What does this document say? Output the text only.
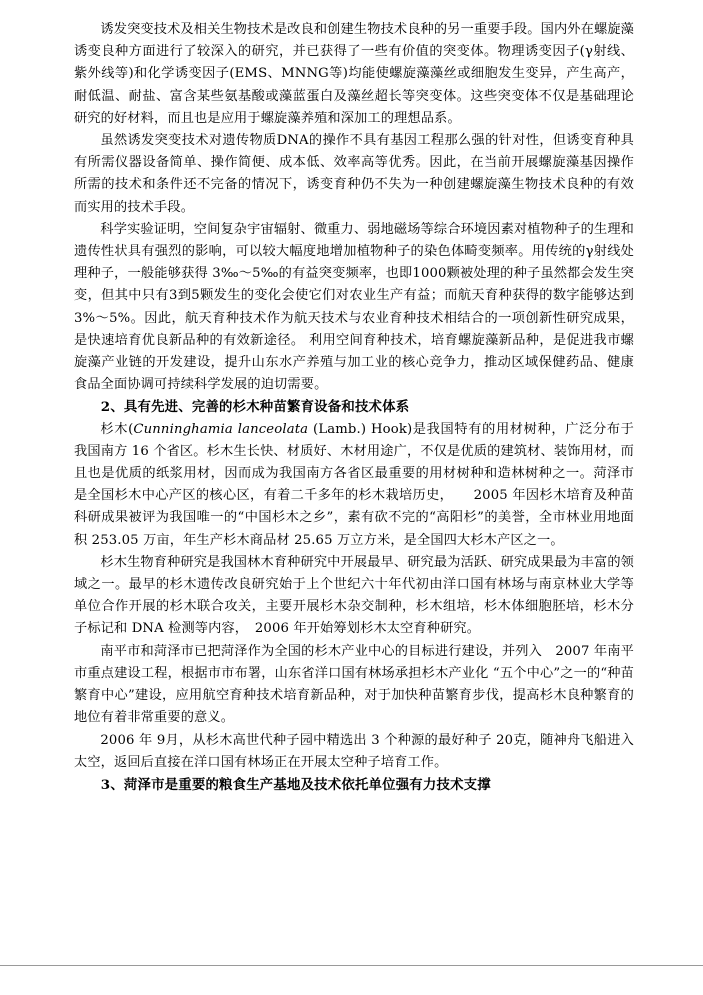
诱发突变技术及相关生物技术是改良和创建生物技术良种的另一重要手段。国内外在螺旋藻诱变良种方面进行了较深入的研究，并已获得了一些有价值的突变体。物理诱变因子(γ射线、紫外线等)和化学诱变因子(EMS、MNNG等)均能使螺旋藻藻丝或细胞发生变异，产生高产，耐低温、耐盐、富含某些氨基酸或藻蓝蛋白及藻丝超长等突变体。这些突变体不仅是基础理论研究的好材料，而且也是应用于螺旋藻养殖和深加工的理想品系。

虽然诱发突变技术对遗传物质DNA的操作不具有基因工程那么强的针对性，但诱变育种具有所需仪器设备简单、操作简便、成本低、效率高等优秀。因此，在当前开展螺旋藻基因操作所需的技术和条件还不完备的情况下，诱变育种仍不失为一种创建螺旋藻生物技术良种的有效而实用的技术手段。

科学实验证明，空间复杂宇宙辐射、微重力、弱地磁场等综合环境因素对植物种子的生理和遗传性状具有强烈的影响，可以较大幅度地增加植物种子的染色体畸变频率。用传统的γ射线处理种子，一般能够获得 3‰～5‰的有益突变频率，也即1000颗被处理的种子虽然都会发生突变，但其中只有3到5颗发生的变化会使它们对农业生产有益；而航天育种获得的数字能够达到3%～5%。因此，航天育种技术作为航天技术与农业育种技术相结合的一项创新性研究成果，是快速培育优良新品种的有效新途径。 利用空间育种技术，培育螺旋藻新品种，是促进我市螺旋藻产业链的开发建设，提升山东水产养殖与加工业的核心竞争力，推动区域保健药品、健康食品全面协调可持续科学发展的迫切需要。

2、具有先进、完善的杉木种苗繁育设备和技术体系

杉木(Cunninghamia lanceolata (Lamb.) Hook)是我国特有的用材树种，广泛分布于我国南方 16 个省区。杉木生长快、材质好、木材用途广，不仅是优质的建筑材、装饰用材，而且也是优质的纸浆用材，因而成为我国南方各省区最重要的用材树种和造林树种之一。菏泽市是全国杉木中心产区的核心区，有着二千多年的杉木栽培历史，　　2005 年因杉木培育及种苗科研成果被评为我国唯一的“中国杉木之乡”，素有砍不完的“高阳杉”的美誉，全市林业用地面积 253.05 万亩，年生产杉木商品材 25.65 万立方米，是全国四大杉木产区之一。

杉木生物育种研究是我国林木育种研究中开展最早、研究最为活跃、研究成果最为丰富的领域之一。最早的杉木遗传改良研究始于上个世纪六十年代初由洋口国有林场与南京林业大学等单位合作开展的杉木联合攻关，主要开展杉木杂交制种，杉木组培，杉木体细胞胚培，杉木分子标记和 DNA 检测等内容，　2006 年开始筹划杉木太空育种研究。

南平市和菏泽市已把菏泽作为全国的杉木产业中心的目标进行建设，并列入　2007 年南平市重点建设工程，根据市市布署，山东省洋口国有林场承担杉木产业化 “五个中心”之一的“种苗繁育中心”建设，应用航空育种技术培育新品种，对于加快种苗繁育步伐，提高杉木良种繁育的地位有着非常重要的意义。

2006 年 9月，从杉木高世代种子园中精选出 3 个种源的最好种子 20克，随神舟飞船进入太空，返回后直接在洋口国有林场正在开展太空种子培育工作。

3、菏泽市是重要的粮食生产基地及技术依托单位强有力技术支撑
